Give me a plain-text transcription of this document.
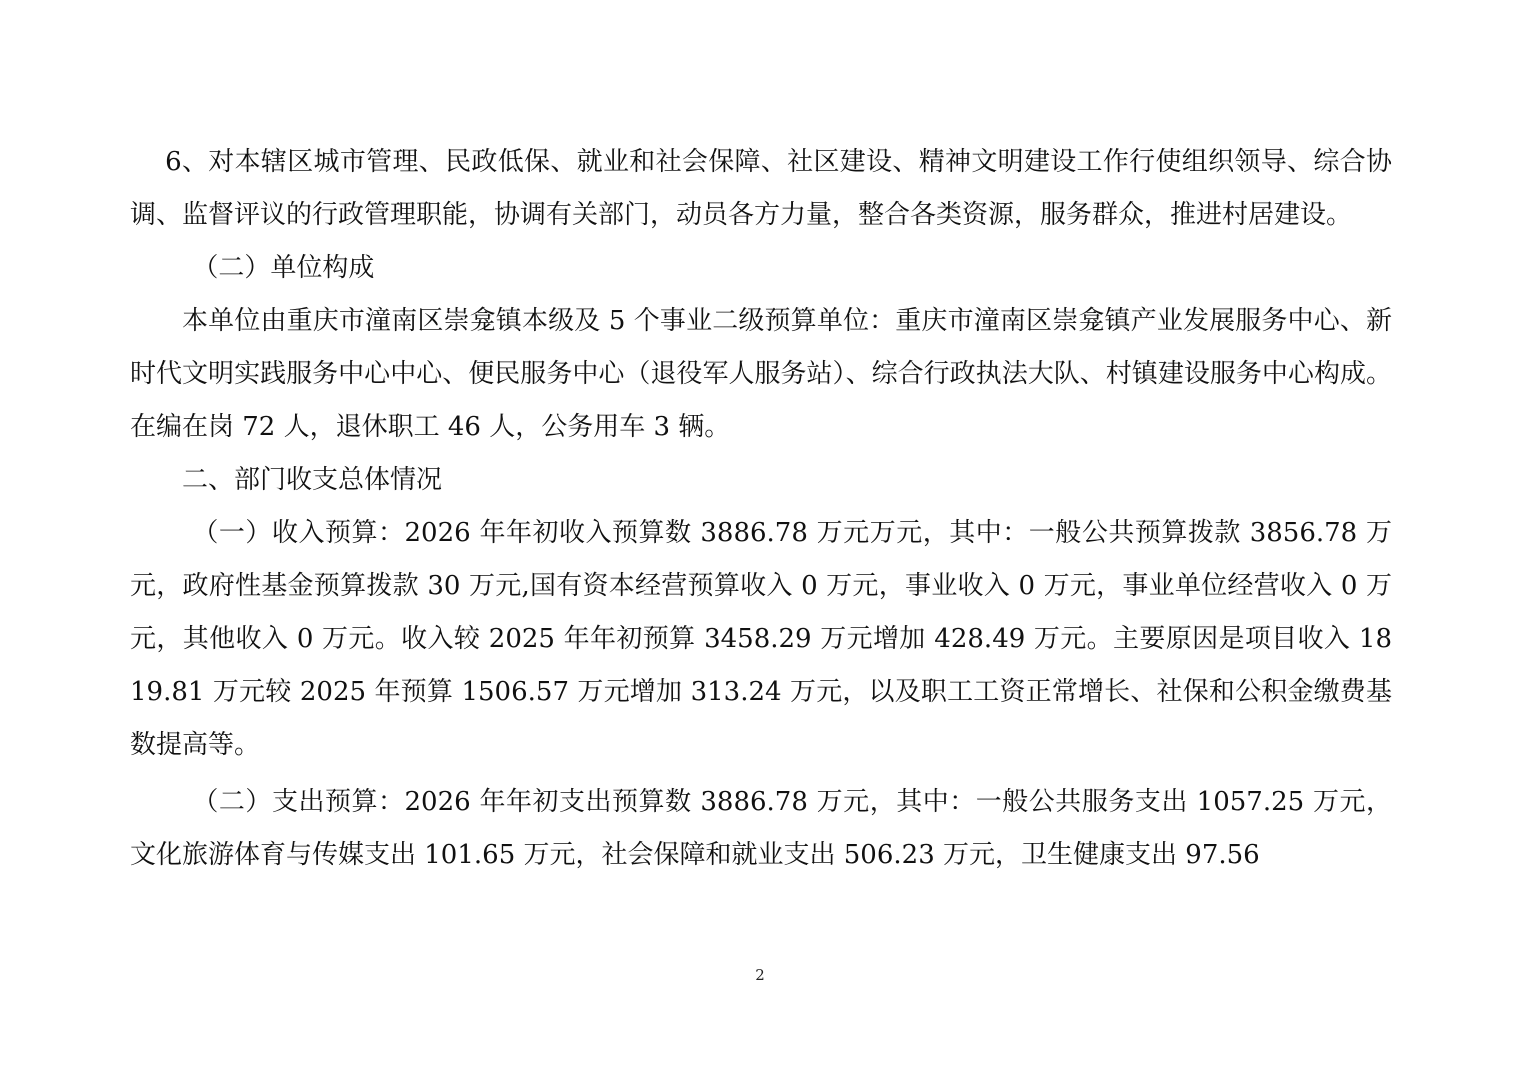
6、对本辖区城市管理、民政低保、就业和社会保障、社区建设、精神文明建设工作行使组织领导、综合协调、监督评议的行政管理职能，协调有关部门，动员各方力量，整合各类资源，服务群众，推进村居建设。

（二）单位构成

本单位由重庆市潼南区崇龛镇本级及 5 个事业二级预算单位：重庆市潼南区崇龛镇产业发展服务中心、新时代文明实践服务中心中心、便民服务中心（退役军人服务站）、综合行政执法大队、村镇建设服务中心构成。在编在岗 72 人，退休职工 46 人，公务用车 3 辆。

二、部门收支总体情况

（一）收入预算：2026 年年初收入预算数 3886.78 万元万元，其中：一般公共预算拨款 3856.78 万元，政府性基金预算拨款 30 万元,国有资本经营预算收入 0 万元，事业收入 0 万元，事业单位经营收入 0 万元，其他收入 0 万元。收入较 2025 年年初预算 3458.29 万元增加 428.49 万元。主要原因是项目收入 1819.81 万元较 2025 年预算 1506.57 万元增加 313.24 万元，以及职工工资正常增长、社保和公积金缴费基数提高等。

（二）支出预算：2026 年年初支出预算数 3886.78 万元，其中：一般公共服务支出 1057.25 万元，文化旅游体育与传媒支出 101.65 万元，社会保障和就业支出 506.23 万元，卫生健康支出 97.56

2
